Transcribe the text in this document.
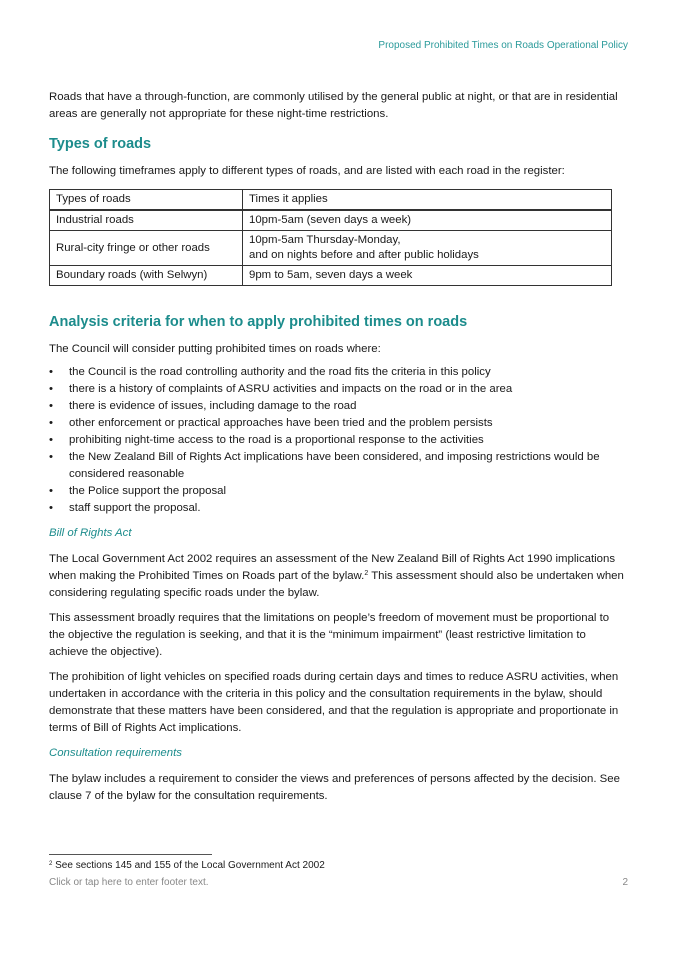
Proposed Prohibited Times on Roads Operational Policy

Roads that have a through-function, are commonly utilised by the general public at night, or that are in residential areas are generally not appropriate for these night-time restrictions.

Types of roads

The following timeframes apply to different types of roads, and are listed with each road in the register:

Types of roads	Times it applies
Industrial roads	10pm-5am (seven days a week)
Rural-city fringe or other roads	10pm-5am Thursday-Monday,
and on nights before and after public holidays
Boundary roads (with Selwyn)	9pm to 5am, seven days a week
Analysis criteria for when to apply prohibited times on roads

The Council will consider putting prohibited times on roads where:

• the Council is the road controlling authority and the road fits the criteria in this policy
• there is a history of complaints of ASRU activities and impacts on the road or in the area
• there is evidence of issues, including damage to the road
• other enforcement or practical approaches have been tried and the problem persists
• prohibiting night-time access to the road is a proportional response to the activities
• the New Zealand Bill of Rights Act implications have been considered, and imposing restrictions would be considered reasonable
• the Police support the proposal
• staff support the proposal.

Bill of Rights Act

The Local Government Act 2002 requires an assessment of the New Zealand Bill of Rights Act 1990 implications when making the Prohibited Times on Roads part of the bylaw.$^2$ This assessment should also be undertaken when considering regulating specific roads under the bylaw.

This assessment broadly requires that the limitations on people’s freedom of movement must be proportional to the objective the regulation is seeking, and that it is the “minimum impairment” (least restrictive limitation to achieve the objective).

The prohibition of light vehicles on specified roads during certain days and times to reduce ASRU activities, when undertaken in accordance with the criteria in this policy and the consultation requirements in the bylaw, should demonstrate that these matters have been considered, and that the regulation is appropriate and proportionate in terms of Bill of Rights Act implications.

Consultation requirements

The bylaw includes a requirement to consider the views and preferences of persons affected by the decision. See clause 7 of the bylaw for the consultation requirements.

$^2$ See sections 145 and 155 of the Local Government Act 2002
Click or tap here to enter footer text.	2
